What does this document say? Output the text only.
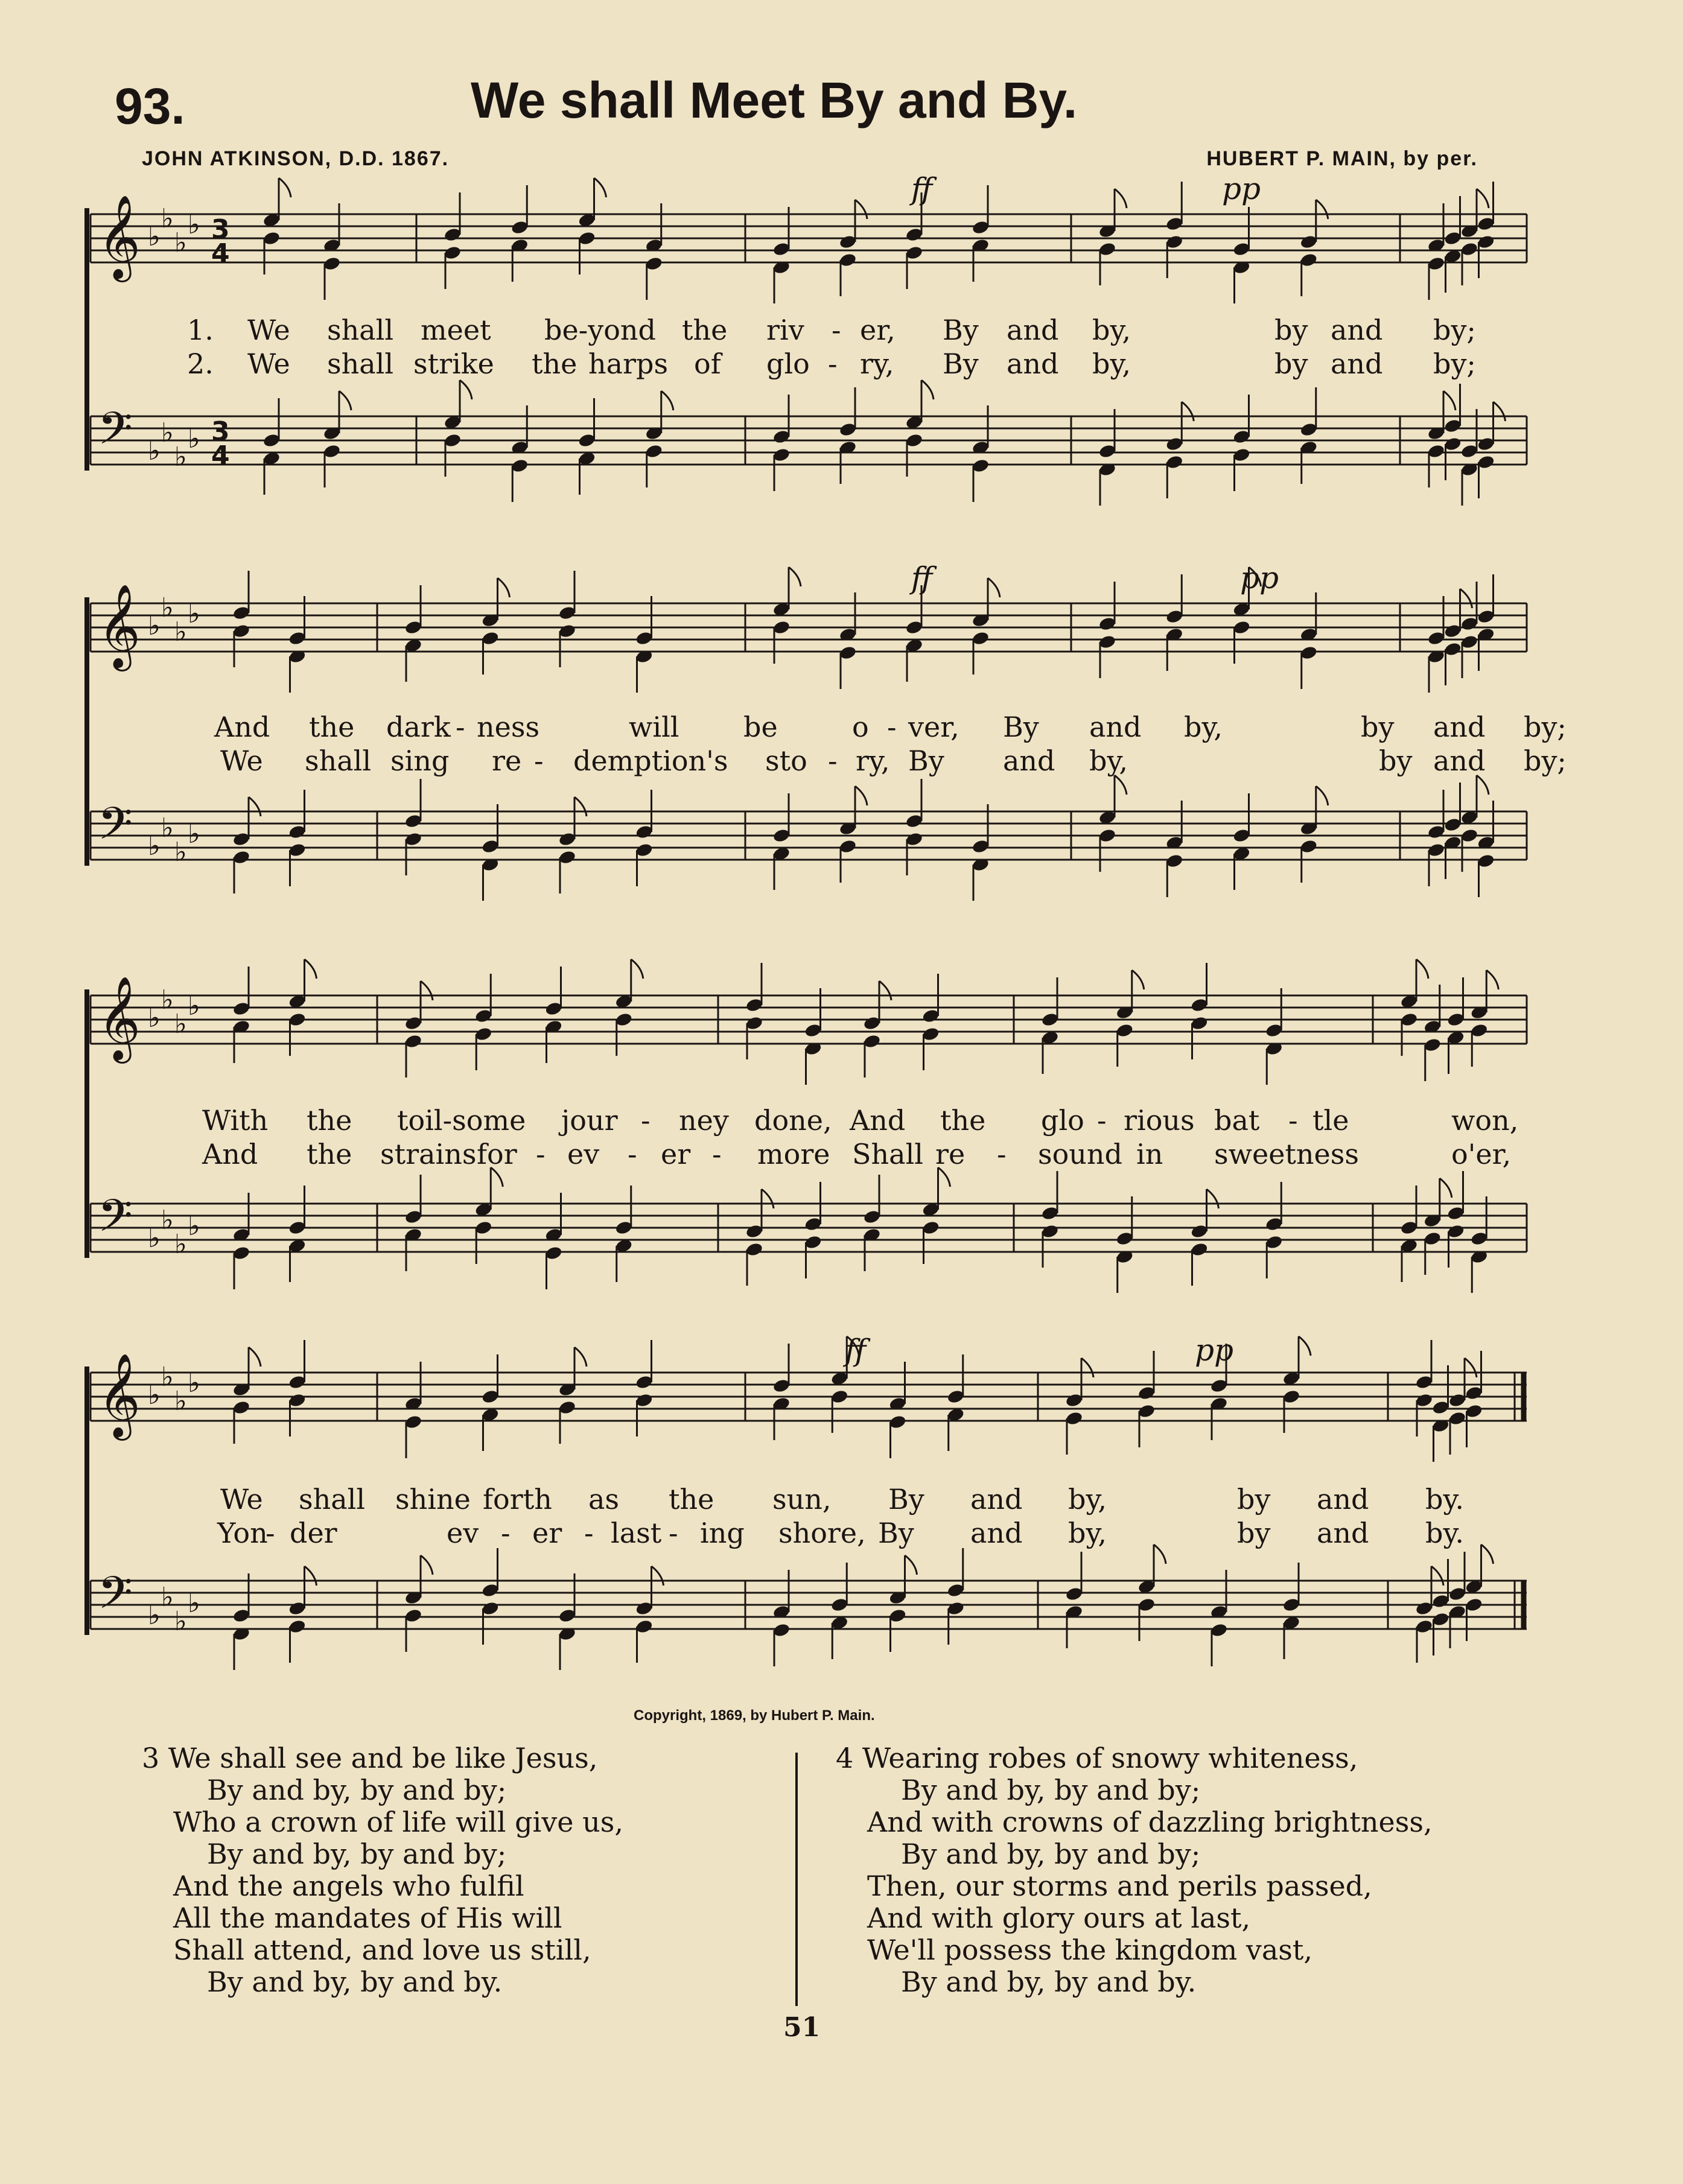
93.	We shall Meet By and By.
JOHN ATKINSON, D.D. 1867.	HUBERT P. MAIN, by per.
𝄞 ♭
♭
♭
♭ 3
4
𝄢 ♭
♭
♭
♭ 3
4
ff	pp
𝄞 ♭
♭
♭
♭
𝄢 ♭
♭
♭
♭
ff	pp
𝄞 ♭
♭
♭
♭
𝄢 ♭
♭
♭
♭
𝄞 ♭
♭
♭
♭
𝄢 ♭
♭
♭
♭
ff	pp
1. We shall meet be-yond the riv - er, By and by,	by and by;
2. We shall strike the harps of glo - ry, By and by,	by and by;
And the dark - ness	will be	o - ver, By and by,	by and by;
We shall sing re - demption's sto - ry, By and by,	by and by;
With the toil-some jour - ney done, And the glo - rious bat - tle	won,
And the strains for - ev - er - more Shall re - sound in sweetness	o'er,
We shall shine forth as the sun, By and by,	by and by.
Yon
- der	ev - er - last - ing shore, By and by,	by and by.
Copyright, 1869, by Hubert P. Main.
3 We shall see and be like Jesus,
By and by, by and by;
Who a crown of life will give us,
By and by, by and by;
And the angels who fulfil
All the mandates of His will
Shall attend, and love us still,
By and by, by and by.
4 Wearing robes of snowy whiteness,
By and by, by and by;
And with crowns of dazzling brightness,
By and by, by and by;
Then, our storms and perils passed,
And with glory ours at last,
We'll possess the kingdom vast,
By and by, by and by.
51
